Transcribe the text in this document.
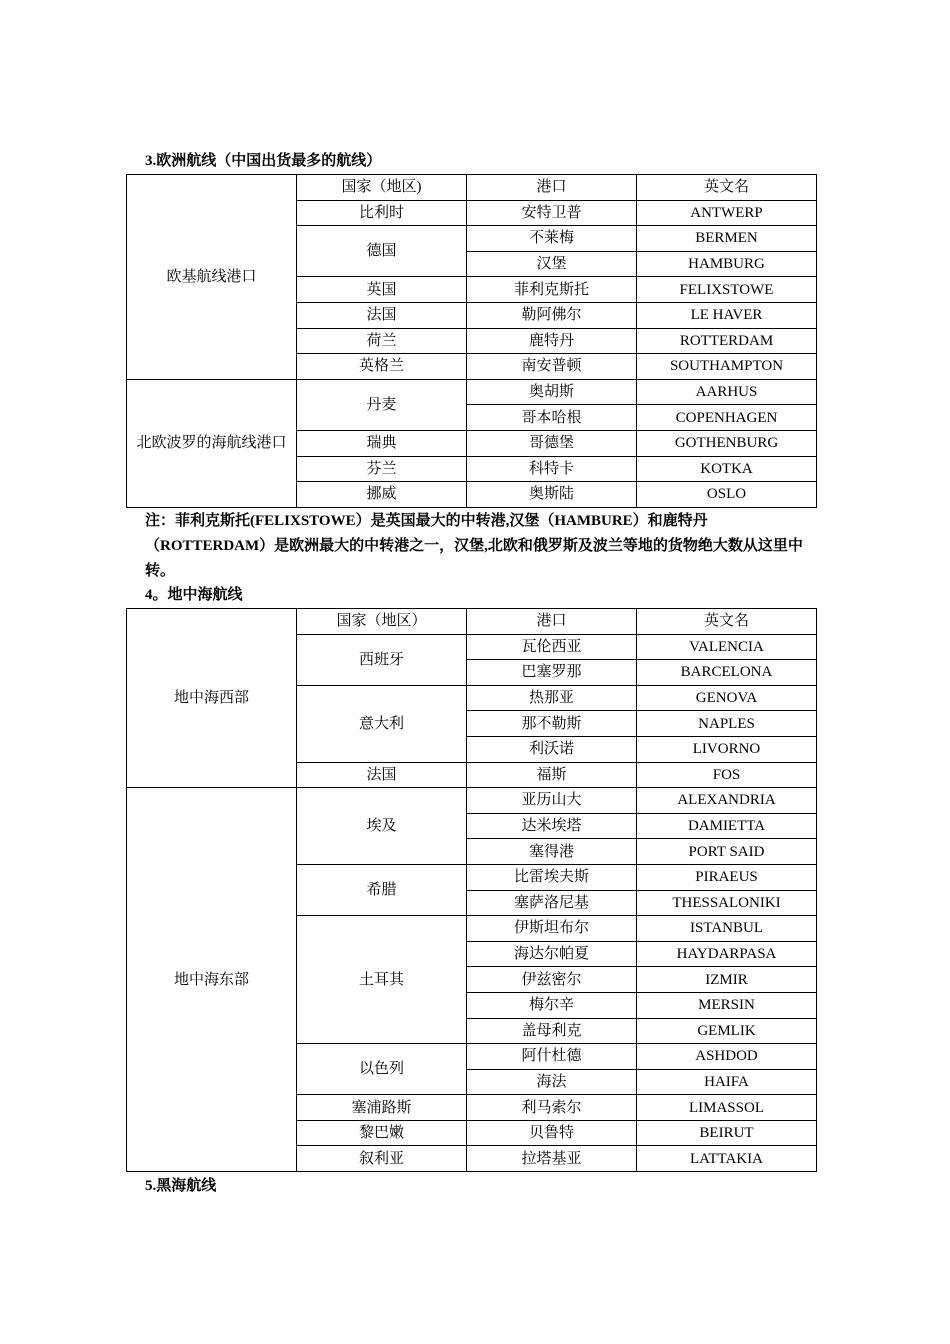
3.欧洲航线（中国出货最多的航线）
欧基航线港口	国家（地区)	港口	英文名
	比利时	安特卫普	ANTWERP
	德国	不莱梅	BERMEN
		汉堡	HAMBURG
	英国	菲利克斯托	FELIXSTOWE
	法国	勒阿佛尔	LE HAVER
	荷兰	鹿特丹	ROTTERDAM
	英格兰	南安普顿	SOUTHAMPTON
北欧波罗的海航线港口	丹麦	奥胡斯	AARHUS
		哥本哈根	COPENHAGEN
	瑞典	哥德堡	GOTHENBURG
	芬兰	科特卡	KOTKA
	挪威	奥斯陆	OSLO
注：菲利克斯托(FELIXSTOWE）是英国最大的中转港,汉堡（HAMBURE）和鹿特丹（ROTTERDAM）是欧洲最大的中转港之一，汉堡,北欧和俄罗斯及波兰等地的货物绝大数从这里中转。
4。地中海航线
地中海西部	国家（地区）	港口	英文名
	西班牙	瓦伦西亚	VALENCIA
		巴塞罗那	BARCELONA
	意大利	热那亚	GENOVA
		那不勒斯	NAPLES
		利沃诺	LIVORNO
	法国	福斯	FOS
地中海东部	埃及	亚历山大	ALEXANDRIA
		达米埃塔	DAMIETTA
		塞得港	PORT SAID
	希腊	比雷埃夫斯	PIRAEUS
		塞萨洛尼基	THESSALONIKI
	土耳其	伊斯坦布尔	ISTANBUL
		海达尔帕夏	HAYDARPASA
		伊兹密尔	IZMIR
		梅尔辛	MERSIN
		盖母利克	GEMLIK
	以色列	阿什杜德	ASHDOD
		海法	HAIFA
	塞浦路斯	利马索尔	LIMASSOL
	黎巴嫩	贝鲁特	BEIRUT
	叙利亚	拉塔基亚	LATTAKIA
5.黑海航线
